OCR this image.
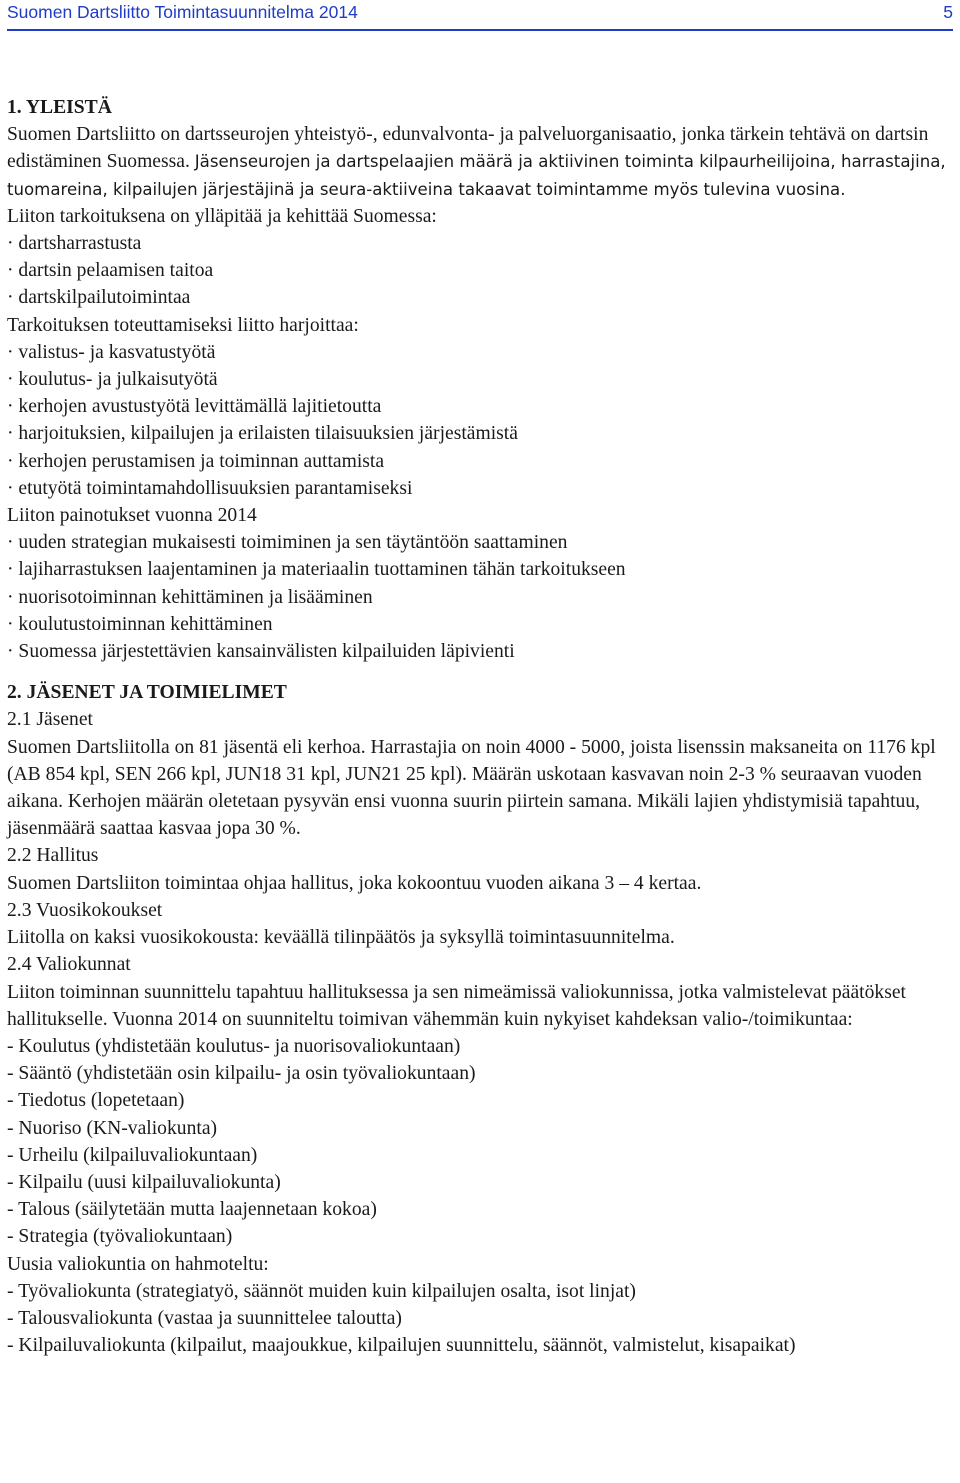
Suomen Dartsliitto Toimintasuunnitelma 2014	5
1. YLEISTÄ
Suomen Dartsliitto on dartsseurojen yhteistyö-, edunvalvonta- ja palveluorganisaatio, jonka tärkein tehtävä on dartsin edistäminen Suomessa. Jäsenseurojen ja dartspelaajien määrä ja aktiivinen toiminta kilpaurheilijoina, harrastajina, tuomareina, kilpailujen järjestäjinä ja seura-aktiiveina takaavat toimintamme myös tulevina vuosina.
Liiton tarkoituksena on ylläpitää ja kehittää Suomessa:
· dartsharrastusta
· dartsin pelaamisen taitoa
· dartskilpailutoimintaa
Tarkoituksen toteuttamiseksi liitto harjoittaa:
· valistus- ja kasvatustyötä
· koulutus- ja julkaisutyötä
· kerhojen avustustyötä levittämällä lajitietoutta
· harjoituksien, kilpailujen ja erilaisten tilaisuuksien järjestämistä
· kerhojen perustamisen ja toiminnan auttamista
· etutyötä toimintamahdollisuuksien parantamiseksi
Liiton painotukset vuonna 2014
· uuden strategian mukaisesti toimiminen ja sen täytäntöön saattaminen
· lajiharrastuksen laajentaminen ja materiaalin tuottaminen tähän tarkoitukseen
· nuorisotoiminnan kehittäminen ja lisääminen
· koulutustoiminnan kehittäminen
· Suomessa järjestettävien kansainvälisten kilpailuiden läpivienti
2. JÄSENET JA TOIMIELIMET
2.1 Jäsenet
Suomen Dartsliitolla on 81 jäsentä eli kerhoa. Harrastajia on noin 4000 - 5000, joista lisenssin maksaneita on 1176 kpl (AB 854 kpl, SEN 266 kpl, JUN18 31 kpl, JUN21 25 kpl). Määrän uskotaan kasvavan noin 2-3 % seuraavan vuoden aikana. Kerhojen määrän oletetaan pysyvän ensi vuonna suurin piirtein samana. Mikäli lajien yhdistymisiä tapahtuu, jäsenmäärä saattaa kasvaa jopa 30 %.
2.2 Hallitus
Suomen Dartsliiton toimintaa ohjaa hallitus, joka kokoontuu vuoden aikana 3 – 4 kertaa.
2.3 Vuosikokoukset
Liitolla on kaksi vuosikokousta: keväällä tilinpäätös ja syksyllä toimintasuunnitelma.
2.4 Valiokunnat
Liiton toiminnan suunnittelu tapahtuu hallituksessa ja sen nimeämissä valiokunnissa, jotka valmistelevat päätökset hallitukselle. Vuonna 2014 on suunniteltu toimivan vähemmän kuin nykyiset kahdeksan valio-/toimikuntaa:
- Koulutus (yhdistetään koulutus- ja nuorisovaliokuntaan)
- Sääntö (yhdistetään osin kilpailu- ja osin työvaliokuntaan)
- Tiedotus (lopetetaan)
- Nuoriso (KN-valiokunta)
- Urheilu (kilpailuvaliokuntaan)
- Kilpailu (uusi kilpailuvaliokunta)
- Talous (säilytetään mutta laajennetaan kokoa)
- Strategia (työvaliokuntaan)
Uusia valiokuntia on hahmoteltu:
- Työvaliokunta (strategiatyö, säännöt muiden kuin kilpailujen osalta, isot linjat)
- Talousvaliokunta (vastaa ja suunnittelee taloutta)
- Kilpailuvaliokunta (kilpailut, maajoukkue, kilpailujen suunnittelu, säännöt, valmistelut, kisapaikat)
